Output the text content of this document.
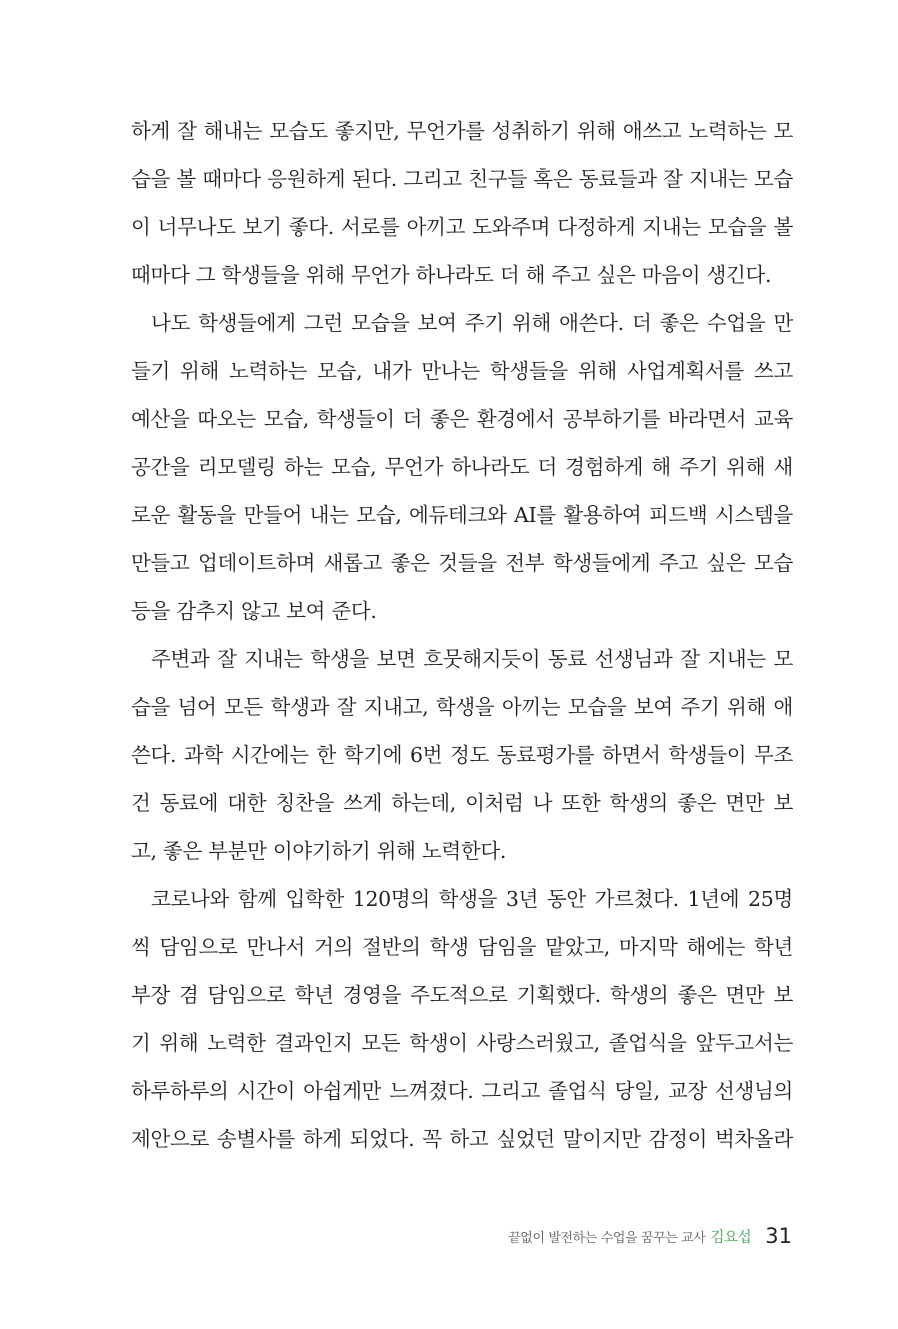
하게 잘 해내는 모습도 좋지만, 무언가를 성취하기 위해 애쓰고 노력하는 모
습을 볼 때마다 응원하게 된다. 그리고 친구들 혹은 동료들과 잘 지내는 모습
이 너무나도 보기 좋다. 서로를 아끼고 도와주며 다정하게 지내는 모습을 볼
때마다 그 학생들을 위해 무언가 하나라도 더 해 주고 싶은 마음이 생긴다.
나도 학생들에게 그런 모습을 보여 주기 위해 애쓴다. 더 좋은 수업을 만
들기 위해 노력하는 모습, 내가 만나는 학생들을 위해 사업계획서를 쓰고
예산을 따오는 모습, 학생들이 더 좋은 환경에서 공부하기를 바라면서 교육
공간을 리모델링 하는 모습, 무언가 하나라도 더 경험하게 해 주기 위해 새
로운 활동을 만들어 내는 모습, 에듀테크와 AI를 활용하여 피드백 시스템을
만들고 업데이트하며 새롭고 좋은 것들을 전부 학생들에게 주고 싶은 모습
등을 감추지 않고 보여 준다.
주변과 잘 지내는 학생을 보면 흐뭇해지듯이 동료 선생님과 잘 지내는 모
습을 넘어 모든 학생과 잘 지내고, 학생을 아끼는 모습을 보여 주기 위해 애
쓴다. 과학 시간에는 한 학기에 6번 정도 동료평가를 하면서 학생들이 무조
건 동료에 대한 칭찬을 쓰게 하는데, 이처럼 나 또한 학생의 좋은 면만 보
고, 좋은 부분만 이야기하기 위해 노력한다.
코로나와 함께 입학한 120명의 학생을 3년 동안 가르쳤다. 1년에 25명
씩 담임으로 만나서 거의 절반의 학생 담임을 맡았고, 마지막 해에는 학년
부장 겸 담임으로 학년 경영을 주도적으로 기획했다. 학생의 좋은 면만 보
기 위해 노력한 결과인지 모든 학생이 사랑스러웠고, 졸업식을 앞두고서는
하루하루의 시간이 아쉽게만 느껴졌다. 그리고 졸업식 당일, 교장 선생님의
제안으로 송별사를 하게 되었다. 꼭 하고 싶었던 말이지만 감정이 벅차올라
끝없이 발전하는 수업을 꿈꾸는 교사 김요섭 31
